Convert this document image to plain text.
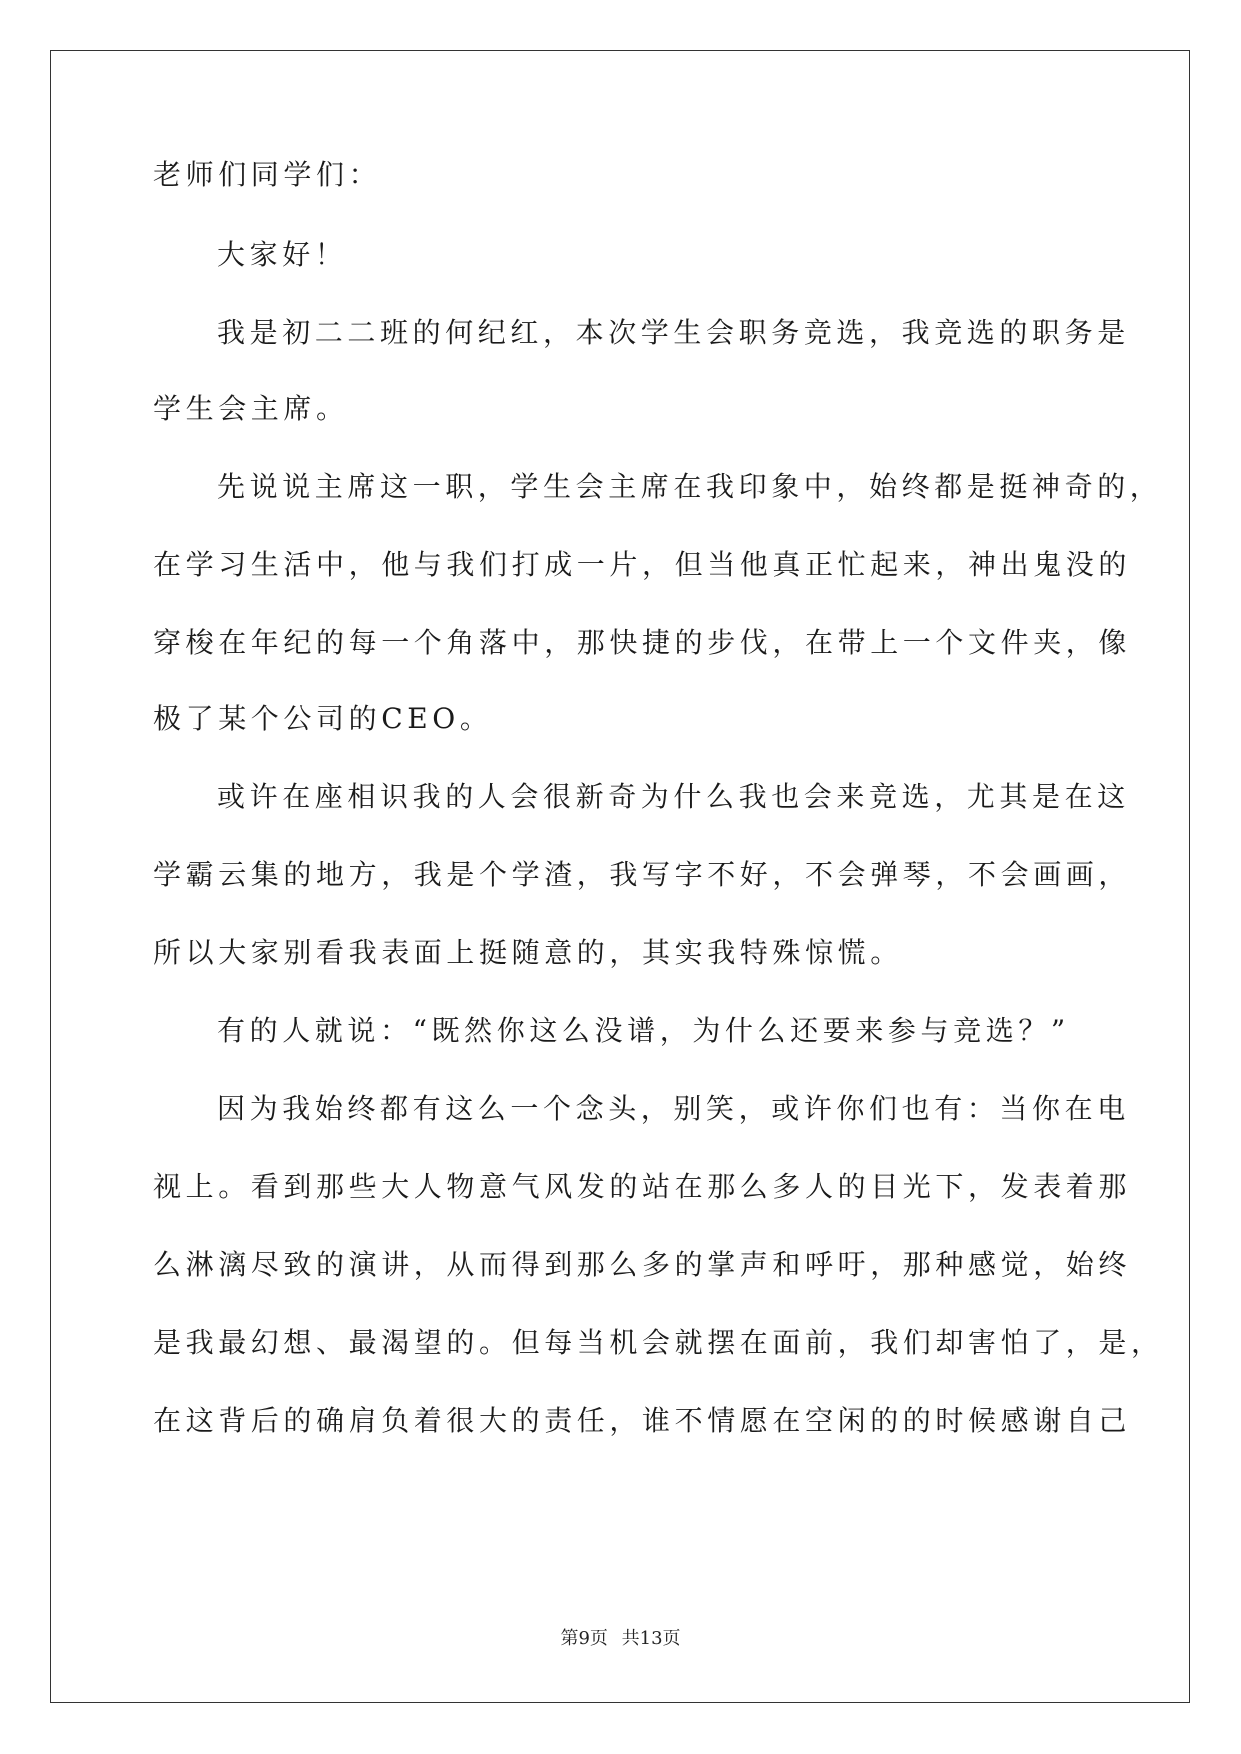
老师们同学们：

大家好！

我是初二二班的何纪红，本次学生会职务竞选，我竞选的职务是

学生会主席。

先说说主席这一职，学生会主席在我印象中，始终都是挺神奇的，

在学习生活中，他与我们打成一片，但当他真正忙起来，神出鬼没的

穿梭在年纪的每一个角落中，那快捷的步伐，在带上一个文件夹，像

极了某个公司的CEO。

或许在座相识我的人会很新奇为什么我也会来竞选，尤其是在这

学霸云集的地方，我是个学渣，我写字不好，不会弹琴，不会画画，

所以大家别看我表面上挺随意的，其实我特殊惊慌。

有的人就说：“既然你这么没谱，为什么还要来参与竞选？”

因为我始终都有这么一个念头，别笑，或许你们也有：当你在电

视上。看到那些大人物意气风发的站在那么多人的目光下，发表着那

么淋漓尽致的演讲，从而得到那么多的掌声和呼吁，那种感觉，始终

是我最幻想、最渴望的。但每当机会就摆在面前，我们却害怕了，是，

在这背后的确肩负着很大的责任，谁不情愿在空闲的的时候感谢自己

第9页 共13页
